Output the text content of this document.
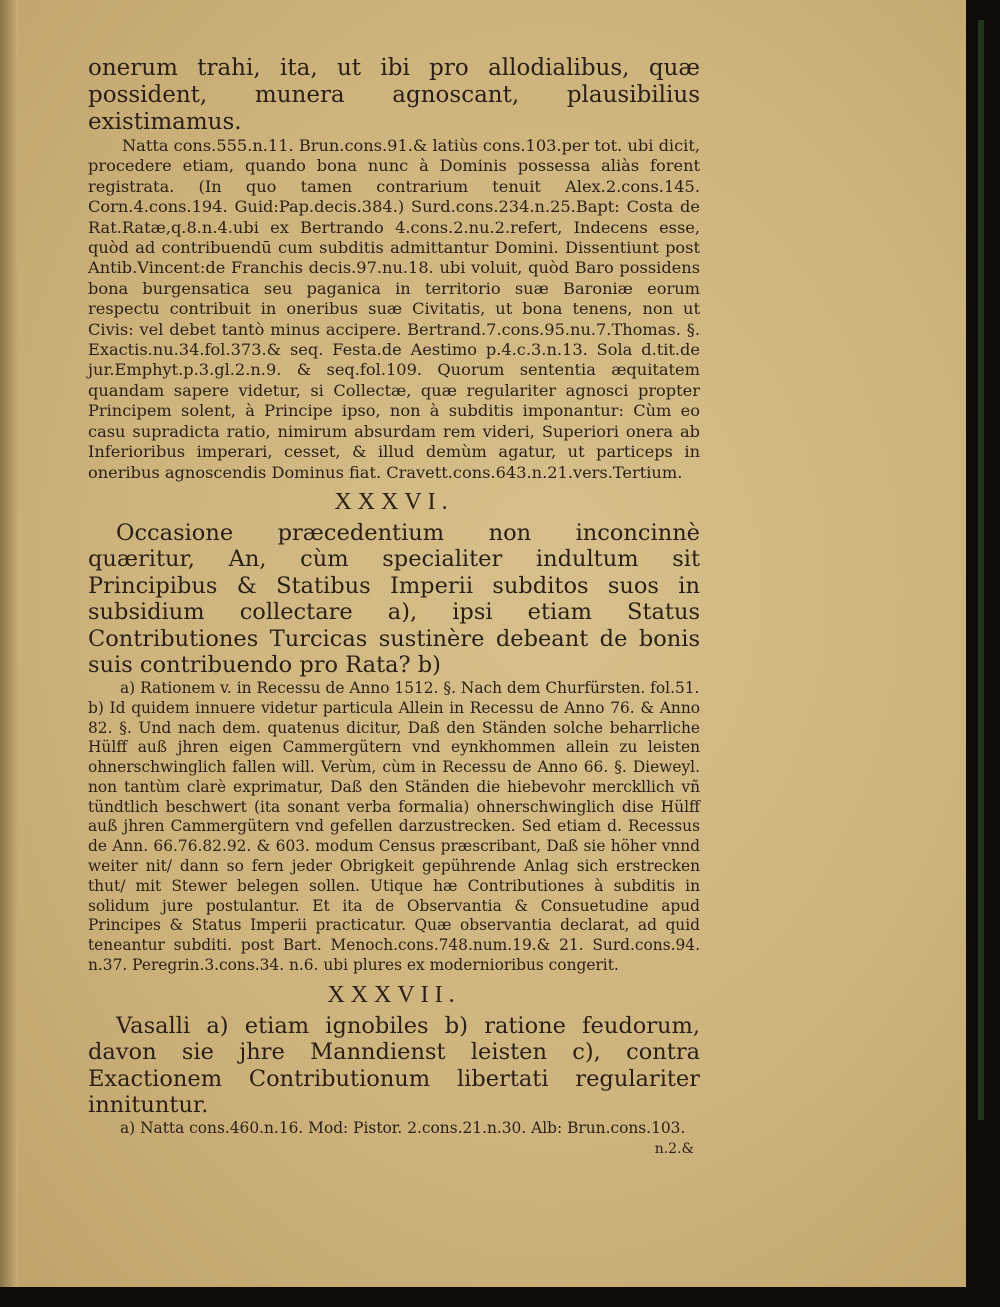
onerum trahi, ita, ut ibi pro allodialibus, quæ possident, munera agnoscant, plausibilius existimamus.

Natta cons.555.n.11. Brun.cons.91.& latiùs cons.103.per tot. ubi dicit, procedere etiam, quando bona nunc à Dominis possessa aliàs forent registrata. (In quo tamen contrarium tenuit Alex.2.cons.145. Corn.4.cons.194. Guid:Pap.decis.384.) Surd.cons.234.n.25.Bapt: Costa de Rat.Ratæ,q.8.n.4.ubi ex Bertrando 4.cons.2.nu.2.refert, Indecens esse, quòd ad contribuendū cum subditis admittantur Domini. Dissentiunt post Antib.Vincent:de Franchis decis.97.nu.18. ubi voluit, quòd Baro possidens bona burgensatica seu paganica in territorio suæ Baroniæ eorum respectu contribuit in oneribus suæ Civitatis, ut bona tenens, non ut Civis: vel debet tantò minus accipere. Bertrand.7.cons.95.nu.7.Thomas. §. Exactis.nu.34.fol.373.& seq. Festa.de Aestimo p.4.c.3.n.13. Sola d.tit.de jur.Emphyt.p.3.gl.2.n.9. & seq.fol.109. Quorum sententia æquitatem quandam sapere videtur, si Collectæ, quæ regulariter agnosci propter Principem solent, à Principe ipso, non à subditis imponantur: Cùm eo casu supradicta ratio, nimirum absurdam rem videri, Superiori onera ab Inferioribus imperari, cesset, & illud demùm agatur, ut particeps in oneribus agnoscendis Dominus fiat. Cravett.cons.643.n.21.vers.Tertium.

XXXVI.

Occasione præcedentium non inconcinnè quæritur, An, cùm specialiter indultum sit Principibus & Statibus Imperii subditos suos in subsidium collectare a), ipsi etiam Status Contributiones Turcicas sustinère debeant de bonis suis contribuendo pro Rata? b)

a) Rationem v. in Recessu de Anno 1512. §. Nach dem Churfürsten. fol.51.

b) Id quidem innuere videtur particula Allein in Recessu de Anno 76. & Anno 82. §. Und nach dem. quatenus dicitur, Daß den Ständen solche beharrliche Hülff auß jhren eigen Cammergütern vnd eynkhommen allein zu leisten ohnerschwinglich fallen will. Verùm, cùm in Recessu de Anno 66. §. Dieweyl. non tantùm clarè exprimatur, Daß den Ständen die hiebevohr merckllich vñ tündtlich beschwert (ita sonant verba formalia) ohnerschwinglich dise Hülff auß jhren Cammergütern vnd gefellen darzustrecken. Sed etiam d. Recessus de Ann. 66.76.82.92. & 603. modum Census præscribant, Daß sie höher vnnd weiter nit/ dann so fern jeder Obrigkeit gepührende Anlag sich erstrecken thut/ mit Stewer belegen sollen. Utique hæ Contributiones à subditis in solidum jure postulantur. Et ita de Observantia & Consuetudine apud Principes & Status Imperii practicatur. Quæ observantia declarat, ad quid teneantur subditi. post Bart. Menoch.cons.748.num.19.& 21. Surd.cons.94. n.37. Peregrin.3.cons.34. n.6. ubi plures ex modernioribus congerit.

XXXVII.

Vasalli a) etiam ignobiles b) ratione feudorum, davon sie jhre Manndienst leisten c), contra Exactionem Contributionum libertati regulariter innituntur.

a) Natta cons.460.n.16. Mod: Pistor. 2.cons.21.n.30. Alb: Brun.cons.103.

n.2.&
